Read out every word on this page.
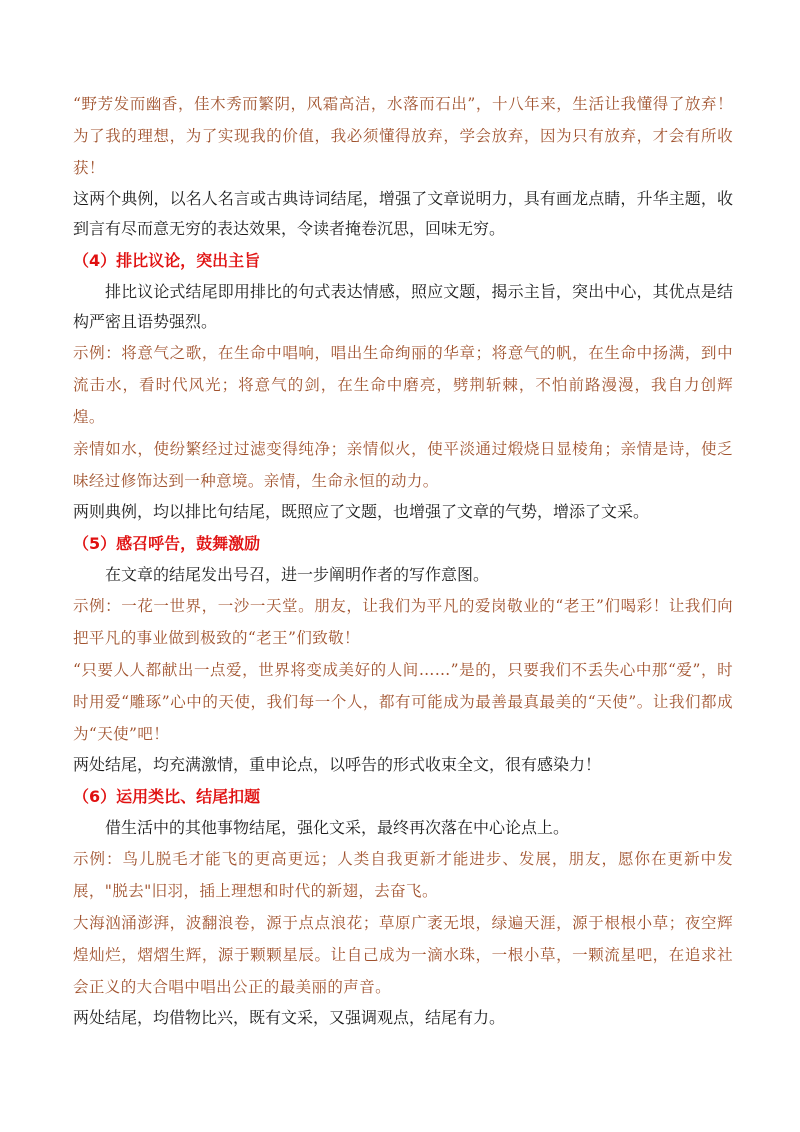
“野芳发而幽香，佳木秀而繁阴，风霜高洁，水落而石出”，十八年来，生活让我懂得了放弃！为了我的理想，为了实现我的价值，我必须懂得放弃，学会放弃，因为只有放弃，才会有所收获！

这两个典例，以名人名言或古典诗词结尾，增强了文章说明力，具有画龙点睛，升华主题，收到言有尽而意无穷的表达效果，令读者掩卷沉思，回味无穷。

（4）排比议论，突出主旨

排比议论式结尾即用排比的句式表达情感，照应文题，揭示主旨，突出中心，其优点是结构严密且语势强烈。

示例：将意气之歌，在生命中唱响，唱出生命绚丽的华章；将意气的帆，在生命中扬满，到中流击水，看时代风光；将意气的剑，在生命中磨亮，劈荆斩棘，不怕前路漫漫，我自力创辉煌。

亲情如水，使纷繁经过过滤变得纯净；亲情似火，使平淡通过煅烧日显棱角；亲情是诗，使乏味经过修饰达到一种意境。亲情，生命永恒的动力。

两则典例，均以排比句结尾，既照应了文题，也增强了文章的气势，增添了文采。

（5）感召呼告，鼓舞激励

在文章的结尾发出号召，进一步阐明作者的写作意图。

示例：一花一世界，一沙一天堂。朋友，让我们为平凡的爱岗敬业的“老王”们喝彩！让我们向把平凡的事业做到极致的“老王”们致敬！

“只要人人都献出一点爱，世界将变成美好的人间……”是的，只要我们不丢失心中那“爱”，时时用爱“雕琢”心中的天使，我们每一个人，都有可能成为最善最真最美的“天使”。让我们都成为“天使”吧！

两处结尾，均充满激情，重申论点，以呼告的形式收束全文，很有感染力！

（6）运用类比、结尾扣题

借生活中的其他事物结尾，强化文采，最终再次落在中心论点上。

示例：鸟儿脱毛才能飞的更高更远；人类自我更新才能进步、发展，朋友，愿你在更新中发展，"脱去"旧羽，插上理想和时代的新翅，去奋飞。

大海汹涌澎湃，波翻浪卷，源于点点浪花；草原广袤无垠，绿遍天涯，源于根根小草；夜空辉煌灿烂，熠熠生辉，源于颗颗星辰。让自己成为一滴水珠，一根小草，一颗流星吧，在追求社会正义的大合唱中唱出公正的最美丽的声音。

两处结尾，均借物比兴，既有文采，又强调观点，结尾有力。
